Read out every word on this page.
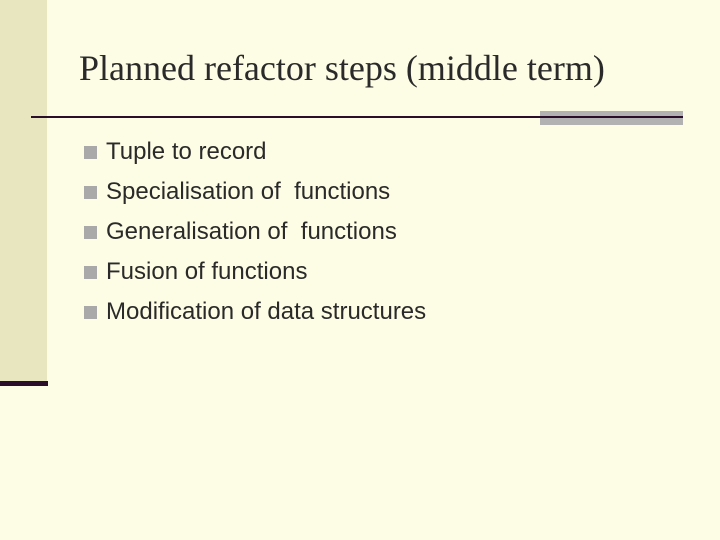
Planned refactor steps (middle term)
Tuple to record
Specialisation of  functions
Generalisation of  functions
Fusion of functions
Modification of data structures
